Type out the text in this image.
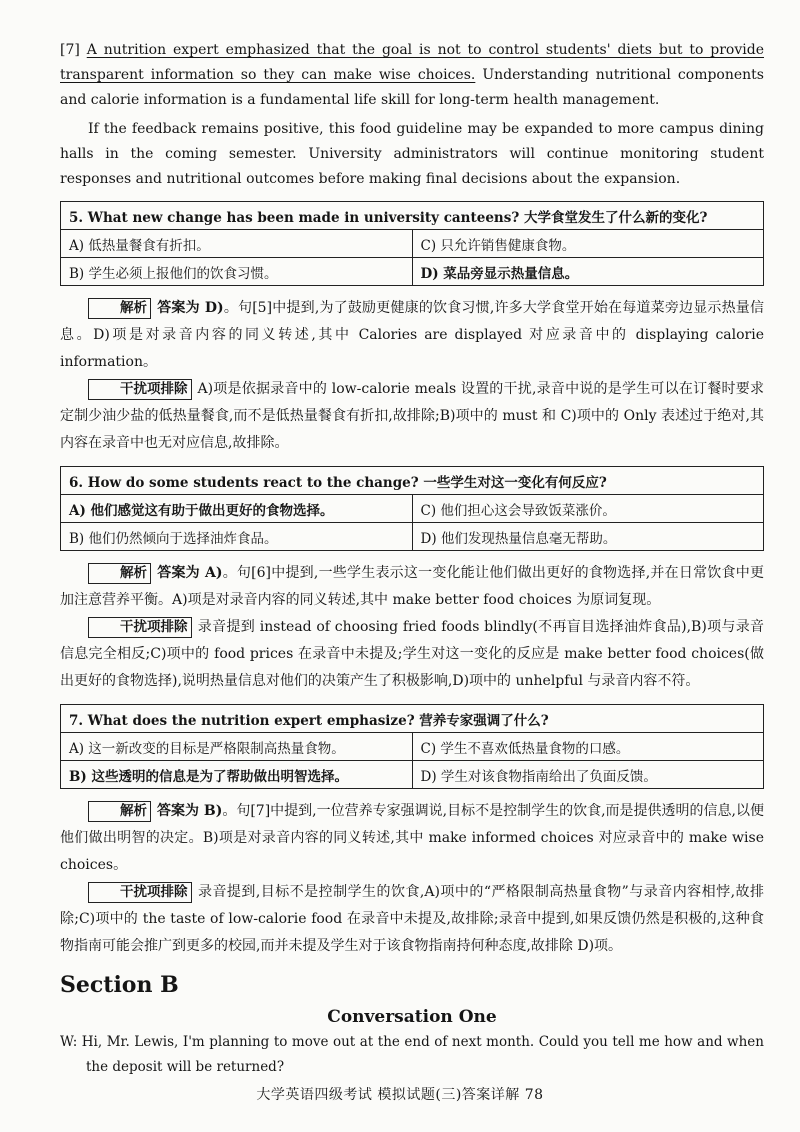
[7] A nutrition expert emphasized that the goal is not to control students' diets but to provide transparent information so they can make wise choices. Understanding nutritional components and calorie information is a fundamental life skill for long-term health management.

If the feedback remains positive, this food guideline may be expanded to more campus dining halls in the coming semester. University administrators will continue monitoring student responses and nutritional outcomes before making final decisions about the expansion.

5. What new change has been made in university canteens? 大学食堂发生了什么新的变化?	
A) 低热量餐食有折扣。	C) 只允许销售健康食物。
B) 学生必须上报他们的饮食习惯。	D) 菜品旁显示热量信息。

解析 答案为 D)。句[5]中提到,为了鼓励更健康的饮食习惯,许多大学食堂开始在每道菜旁边显示热量信息。D)项是对录音内容的同义转述,其中 Calories are displayed 对应录音中的 displaying calorie information。

干扰项排除 A)项是依据录音中的 low-calorie meals 设置的干扰,录音中说的是学生可以在订餐时要求定制少油少盐的低热量餐食,而不是低热量餐食有折扣,故排除;B)项中的 must 和 C)项中的 Only 表述过于绝对,其内容在录音中也无对应信息,故排除。

6. How do some students react to the change? 一些学生对这一变化有何反应?	
A) 他们感觉这有助于做出更好的食物选择。	C) 他们担心这会导致饭菜涨价。
B) 他们仍然倾向于选择油炸食品。	D) 他们发现热量信息毫无帮助。

解析 答案为 A)。句[6]中提到,一些学生表示这一变化能让他们做出更好的食物选择,并在日常饮食中更加注意营养平衡。A)项是对录音内容的同义转述,其中 make better food choices 为原词复现。

干扰项排除 录音提到 instead of choosing fried foods blindly(不再盲目选择油炸食品),B)项与录音信息完全相反;C)项中的 food prices 在录音中未提及;学生对这一变化的反应是 make better food choices(做出更好的食物选择),说明热量信息对他们的决策产生了积极影响,D)项中的 unhelpful 与录音内容不符。

7. What does the nutrition expert emphasize? 营养专家强调了什么?	
A) 这一新改变的目标是严格限制高热量食物。	C) 学生不喜欢低热量食物的口感。
B) 这些透明的信息是为了帮助做出明智选择。	D) 学生对该食物指南给出了负面反馈。

解析 答案为 B)。句[7]中提到,一位营养专家强调说,目标不是控制学生的饮食,而是提供透明的信息,以便他们做出明智的决定。B)项是对录音内容的同义转述,其中 make informed choices 对应录音中的 make wise choices。

干扰项排除 录音提到,目标不是控制学生的饮食,A)项中的“严格限制高热量食物”与录音内容相悖,故排除;C)项中的 the taste of low-calorie food 在录音中未提及,故排除;录音中提到,如果反馈仍然是积极的,这种食物指南可能会推广到更多的校园,而并未提及学生对于该食物指南持何种态度,故排除 D)项。

Section B
Conversation One

W: Hi, Mr. Lewis, I'm planning to move out at the end of next month. Could you tell me how and when the deposit will be returned?

大学英语四级考试 模拟试题(三)答案详解 78
